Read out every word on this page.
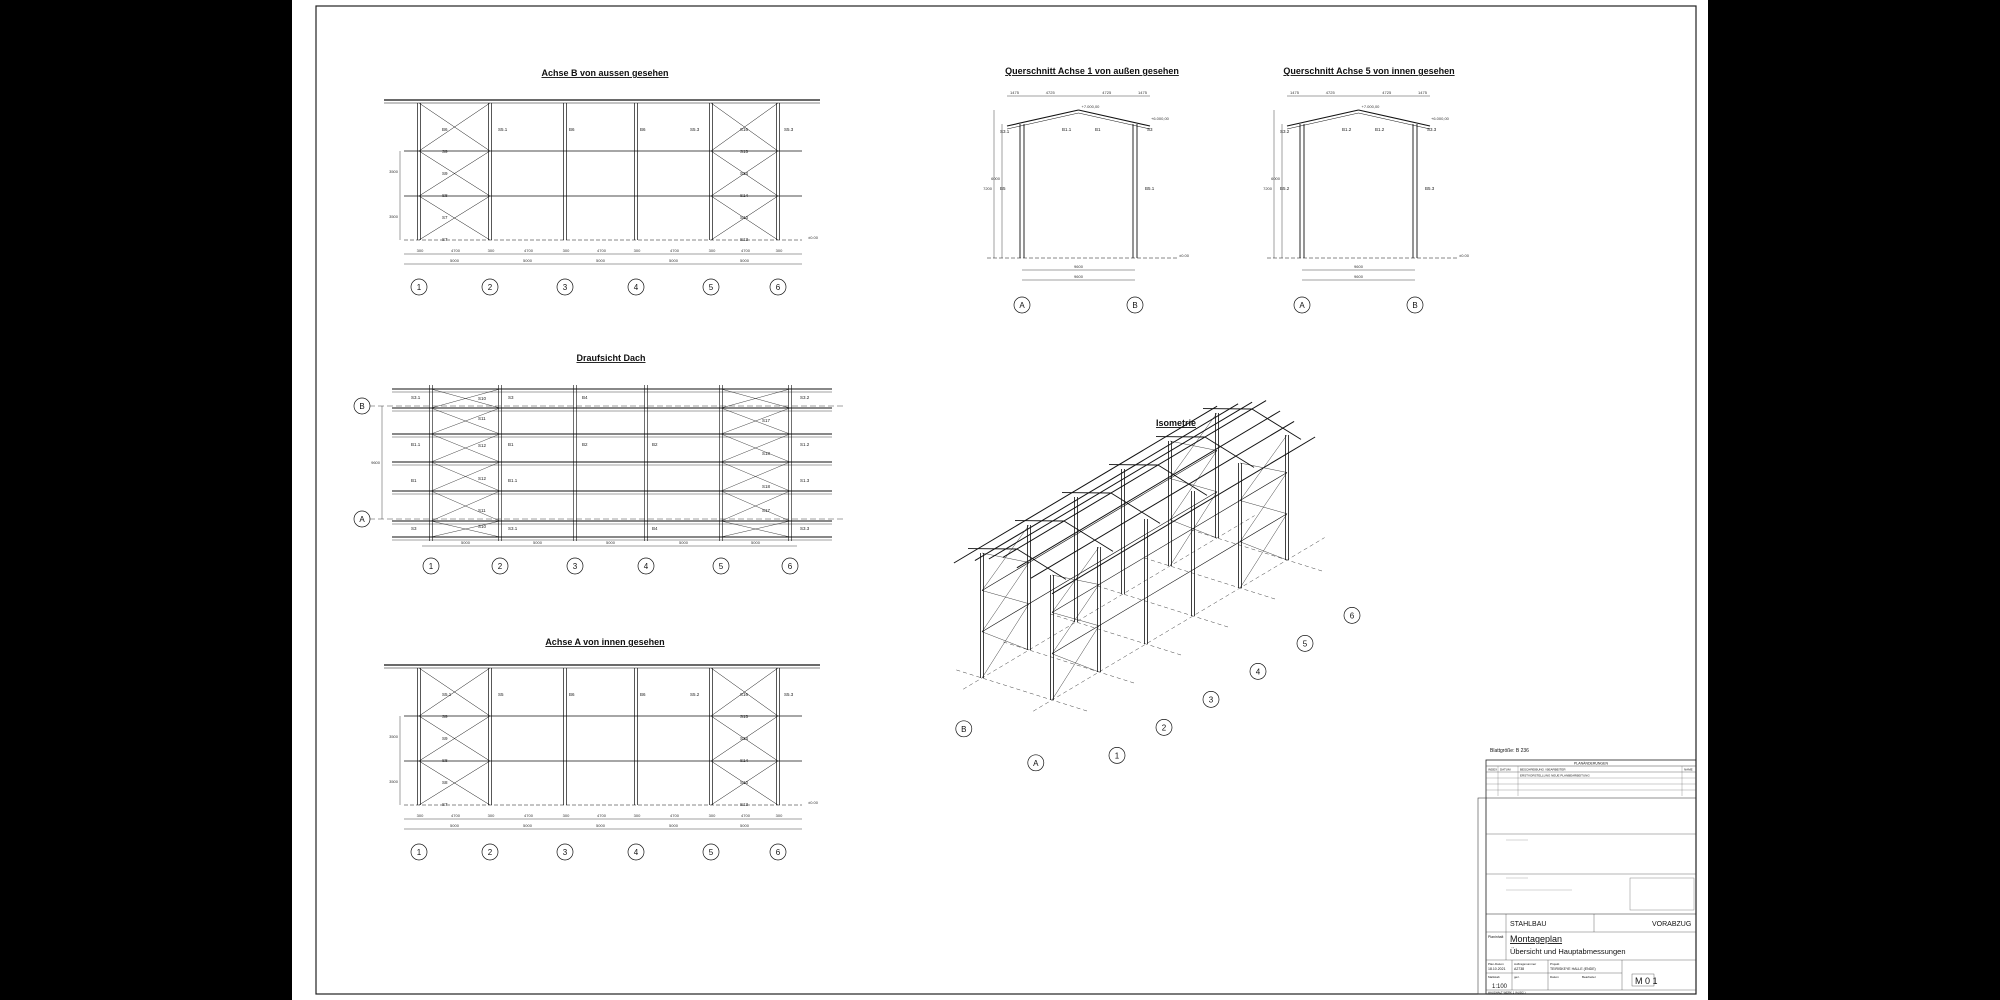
Achse B von aussen gesehen
Draufsicht Dach
Achse A von innen gesehen
Querschnitt Achse 1 von außen gesehen	Querschnitt Achse 5 von innen gesehen
Isometrie
B6
S9
S9
S8
S7
S7
S16
S15
S14
S14
S13
S13
S5.1	B6	B6	S5.3	S5.3
±0.00
300	4700	300	4700	300	4700	300	4700	300	4700	300
5000	5000	5000	5000	5000
1	2	3	4	5	6
3500
3500
S5.1
S9
S9
S8
S8
S7
S16
S15
S14
S14
S13
S13
S5	B6	B6	S5.2	S5.3
±0.00
300	4700	300	4700	300	4700	300	4700	300	4700	300
5000	5000	5000	5000	5000
1	2	3	4	5	6
3500
3500
S3.1
B1.1
B1
S3
S10
S11
S12
S12
S11
S10
S3
B1
B1.1
S3.1
B2	B2
B4
B4
S3.2
S1.2
S1.3
S3.3
S17
S18
S18
S17
5000	5000	5000	5000	5000
9600
1	2	3	4	5	6
B
A
7200
6000
1475	4725	4725	1475
S3.1	B1.1	B1	S3
B5	B5.1
+7.000,00
+6.000,00
±0.00
9600
9600
A	B
7200
6000
1475	4725	4725	1475
S3.2	B1.2	B1.2	S3.3
B5.2	B5.3
+7.000,00
+6.000,00
±0.00
9600
9600
A	B
1
2
3
4
5
6
A
B
Blattgröße: B 236
PLANÄNDERUNGEN
INDEX DATUM	BESCHREIBUNG / BEARBEITER	NAME
ERSTVORSTELLUNG NEUE PLANBEARBEITUNG
STAHLBAU	VORABZUG
Planinhalt Montageplan
Übersicht und Hauptabmessungen
Plan-Datum	Auftragsnummer	Projekt
18.10.2021 A2738	TEIRISKEYE HALLE (ENDE)
Maßstab	gez.	Datum	Bearbeiter
1:100
M 0 1
HAUSHALT WERK 1 (AUSG.)
